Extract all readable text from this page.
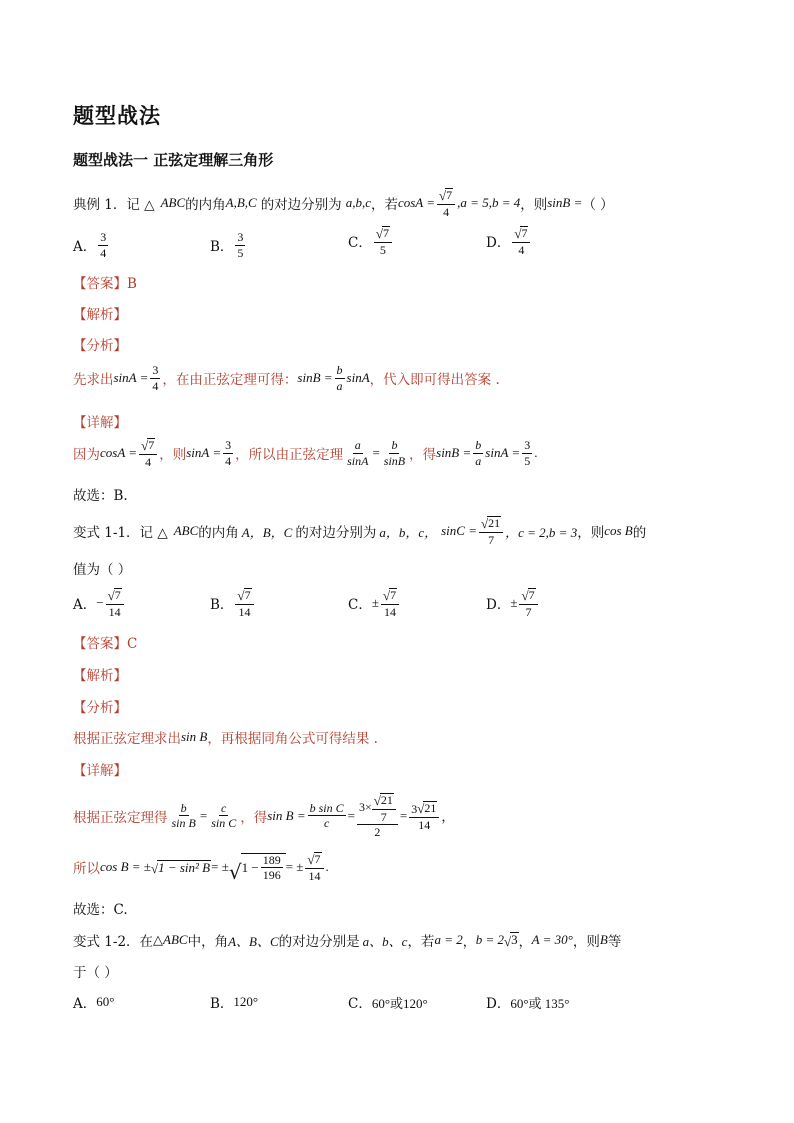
题型战法
题型战法一 正弦定理解三角形
典例 1．记 △ ABC 的内角 A,B,C 的对边分别为 a,b,c ，若 $\cos A = \frac{√ 7}{4} ,a = 5,b = 4$ ，则 sinB = （ ）
A． $\frac{3}{4}$	B． $\frac{3}{5}$	C． $\frac{√ 7}{5}$	D． $\frac{√ 7}{4}$
【答案】B
【解析】
【分析】
先求出 $\sin A = \frac{3}{4}$ ，在由正弦定理可得： $\sin B = \frac{b}{a}$ sinA ，代入即可得出答案 .
【详解】
因为 $\cos A = \frac{√ 7}{4}$ ，则 $\sin A = \frac{3}{4}$ ，所以由正弦定理 $\frac{a}{\sin A} = \frac{b}{\sin B}$ ，得 $\sin B = \frac{b}{a}$ $\sin A = \frac{3}{5}$ .
故选：B.
变式 1-1．记 △ ABC 的内角 A，B，C 的对边分别为 a，b，c， $\sin C = \frac{√ 21}{7}$ ，c = 2,b = 3 ，则 cos B 的
值为（ ）
A． − $\frac{√ 7}{14}$	B． $\frac{√ 7}{14}$	C． ± $\frac{√ 7}{14}$	D． ± $\frac{√ 7}{7}$
【答案】C
【解析】
【分析】
根据正弦定理求出 sin B ，再根据同角公式可得结果 .
【详解】
根据正弦定理得 $\frac{b}{\text{sin B}} = \frac{c}{\text{sin C}}$ ，得 $\sin B = \frac{\text{b sin C}}{c} = \frac{3\times \frac{√ 21}{7}}{2} = \frac{3 √ 21}{14}$ ，
所以 cos B = ± √ 1 − sin² B = ± √ $1 - \frac{189}{196}$ = ± $\frac{√ 7}{14}$ .
故选：C.
变式 1-2．在 △ABC 中，角 A、B、C 的对边分别是 a、b、c ，若 a = 2 ， b = 2 √ 3 ， A = 30° ，则 B 等
于（ ）
A． 60°	B． 120°	C． 60°或120°	D． 60°或 135°
